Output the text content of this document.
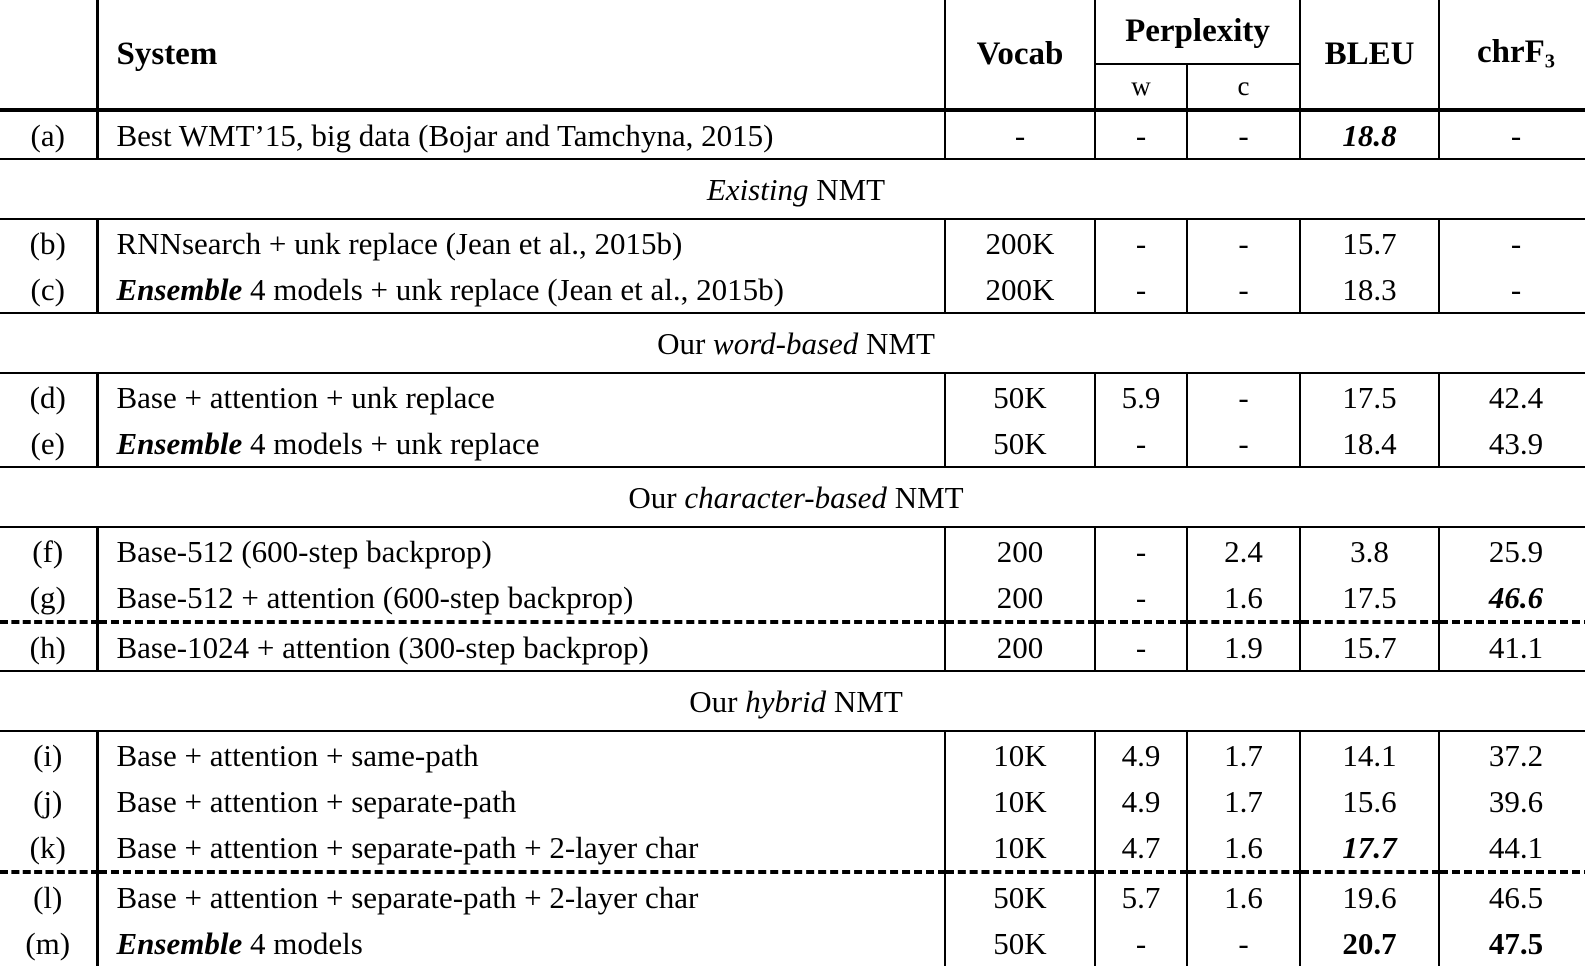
	System	Vocab	Perplexity		BLEU	chrF$_3$
			w	c		
(a)	Best WMT’15, big data (Bojar and Tamchyna, 2015)	-	-	-	18.8	-
Existing NMT						
(b)	RNNsearch + unk replace (Jean et al., 2015b)	200K	-	-	15.7	-
(c)	Ensemble 4 models + unk replace (Jean et al., 2015b)	200K	-	-	18.3	-
Our word-based NMT						
(d)	Base + attention + unk replace	50K	5.9	-	17.5	42.4
(e)	Ensemble 4 models + unk replace	50K	-	-	18.4	43.9
Our character-based NMT						
(f)	Base-512 (600-step backprop)	200	-	2.4	3.8	25.9
(g)	Base-512 + attention (600-step backprop)	200	-	1.6	17.5	46.6
(h)	Base-1024 + attention (300-step backprop)	200	-	1.9	15.7	41.1
Our hybrid NMT						
(i)	Base + attention + same-path	10K	4.9	1.7	14.1	37.2
(j)	Base + attention + separate-path	10K	4.9	1.7	15.6	39.6
(k)	Base + attention + separate-path + 2-layer char	10K	4.7	1.6	17.7	44.1
(l)	Base + attention + separate-path + 2-layer char	50K	5.7	1.6	19.6	46.5
(m)	Ensemble 4 models	50K	-	-	20.7	47.5
